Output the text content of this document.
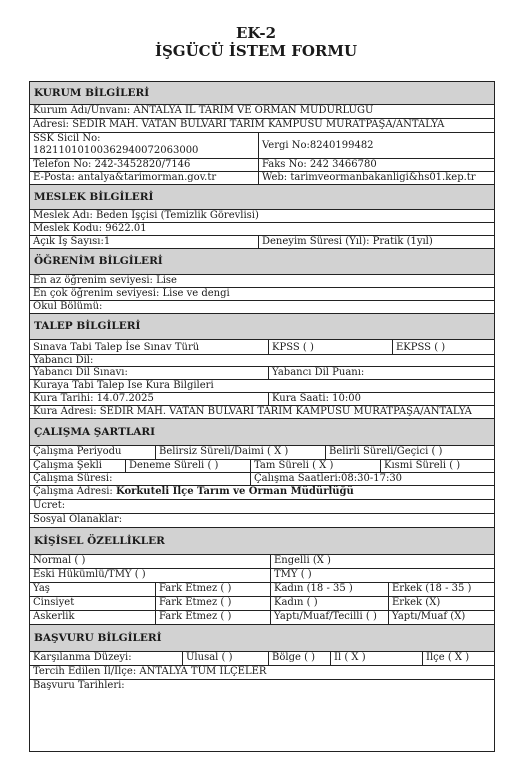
EK-2
İŞGÜCÜ İSTEM FORMU
KURUM BİLGİLERİ
Kurum Adı/Unvanı: ANTALYA İL TARIM VE ORMAN MÜDÜRLÜĞÜ
Adresi: SEDİR MAH. VATAN BULVARI TARIM KAMPÜSÜ MURATPAŞA/ANTALYA
SSK Sicil No:
18211010100362940072063000	Vergi No:8240199482
Telefon No: 242-3452820/7146	Faks No: 242 3466780
E-Posta: antalya&tarimorman.gov.tr	Web: tarimveormanbakanligi&hs01.kep.tr
MESLEK BİLGİLERİ
Meslek Adı: Beden İşçisi (Temizlik Görevlisi)
Meslek Kodu: 9622.01
Açık İş Sayısı:1	Deneyim Süresi (Yıl): Pratik (1yıl)
ÖĞRENİM BİLGİLERİ
En az öğrenim seviyesi: Lise
En çok öğrenim seviyesi: Lise ve dengi
Okul Bölümü:
TALEP BİLGİLERİ
Sınava Tabi Talep İse Sınav Türü	KPSS ( )	EKPSS ( )
Yabancı Dil:
Yabancı Dil Sınavı:	Yabancı Dil Puanı:
Kuraya Tabi Talep İse Kura Bilgileri
Kura Tarihi: 14.07.2025	Kura Saati: 10:00
Kura Adresi: SEDİR MAH. VATAN BULVARI TARIM KAMPÜSÜ MURATPAŞA/ANTALYA
ÇALIŞMA ŞARTLARI
Çalışma Periyodu	Belirsiz Süreli/Daimi ( X )	Belirli Süreli/Geçici ( )
Çalışma Şekli	Deneme Süreli ( )	Tam Süreli ( X )	Kısmi Süreli ( )
Çalışma Süresi:	Çalışma Saatleri:08:30-17:30
Çalışma Adresi: Korkuteli İlçe Tarım ve Orman Müdürlüğü
Ücret:
Sosyal Olanaklar:
KİŞİSEL ÖZELLİKLER
Normal ( )	Engelli (X )
Eski Hükümlü/TMY ( )	TMY ( )
Yaş	Fark Etmez ( )	Kadın (18 - 35 )	Erkek (18 - 35 )
Cinsiyet	Fark Etmez ( )	Kadın ( )	Erkek (X)
Askerlik	Fark Etmez ( )	Yaptı/Muaf/Tecilli ( )	Yaptı/Muaf (X)
BAŞVURU BİLGİLERİ
Karşılanma Düzeyi:	Ulusal ( )	Bölge ( )	İl ( X )	İlçe ( X )
Tercih Edilen İl/İlçe: ANTALYA TÜM İLÇELER
Başvuru Tarihleri:
